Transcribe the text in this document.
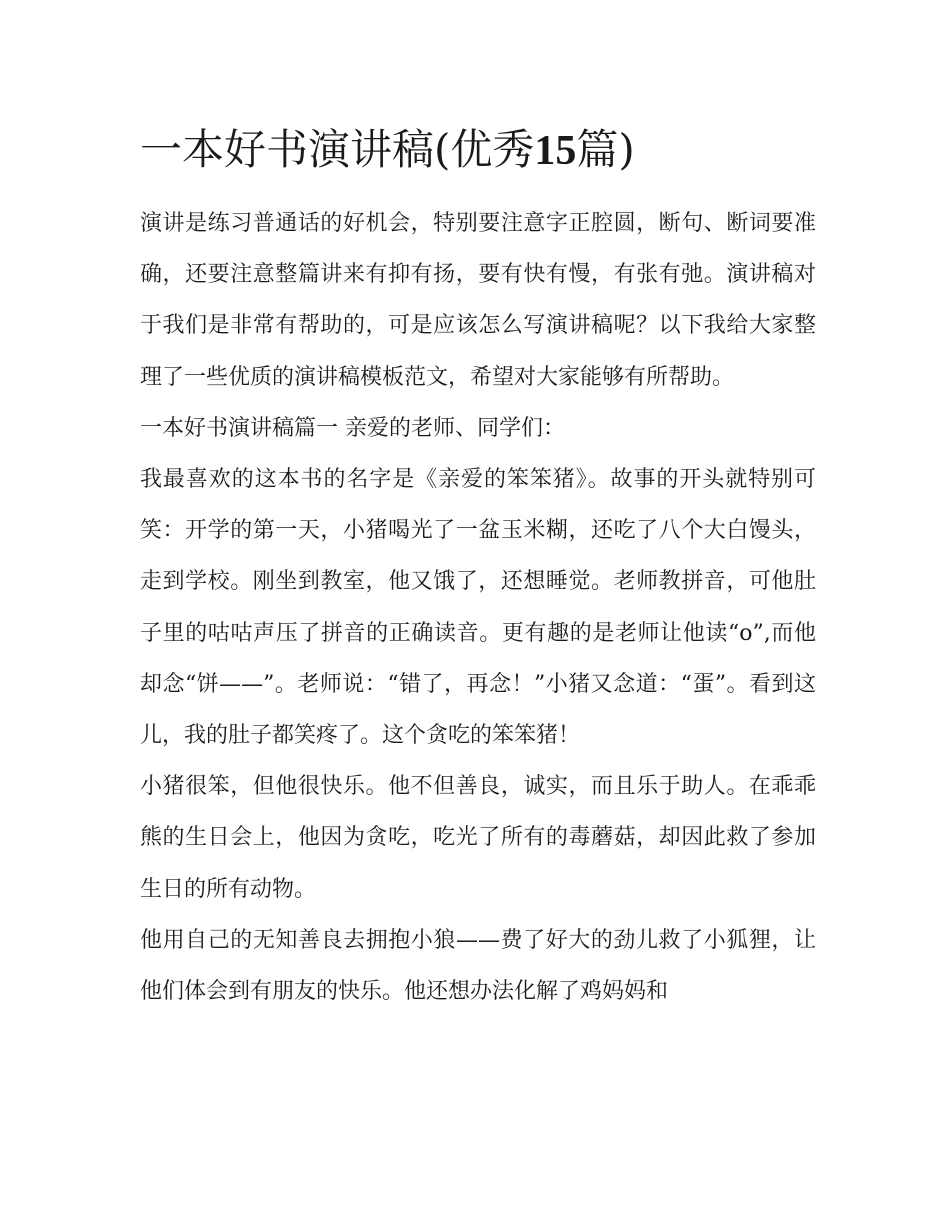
一本好书演讲稿(优秀15篇)

演讲是练习普通话的好机会，特别要注意字正腔圆，断句、断词要准确，还要注意整篇讲来有抑有扬，要有快有慢，有张有弛。演讲稿对于我们是非常有帮助的，可是应该怎么写演讲稿呢？以下我给大家整理了一些优质的演讲稿模板范文，希望对大家能够有所帮助。

一本好书演讲稿篇一 亲爱的老师、同学们：

我最喜欢的这本书的名字是《亲爱的笨笨猪》。故事的开头就特别可笑：开学的第一天，小猪喝光了一盆玉米糊，还吃了八个大白馒头，走到学校。刚坐到教室，他又饿了，还想睡觉。老师教拼音，可他肚子里的咕咕声压了拼音的正确读音。更有趣的是老师让他读“o”,而他却念“饼——”。老师说：“错了，再念！”小猪又念道：“蛋”。看到这儿，我的肚子都笑疼了。这个贪吃的笨笨猪！

小猪很笨，但他很快乐。他不但善良，诚实，而且乐于助人。在乖乖熊的生日会上，他因为贪吃，吃光了所有的毒蘑菇，却因此救了参加生日的所有动物。

他用自己的无知善良去拥抱小狼——费了好大的劲儿救了小狐狸，让他们体会到有朋友的快乐。他还想办法化解了鸡妈妈和
